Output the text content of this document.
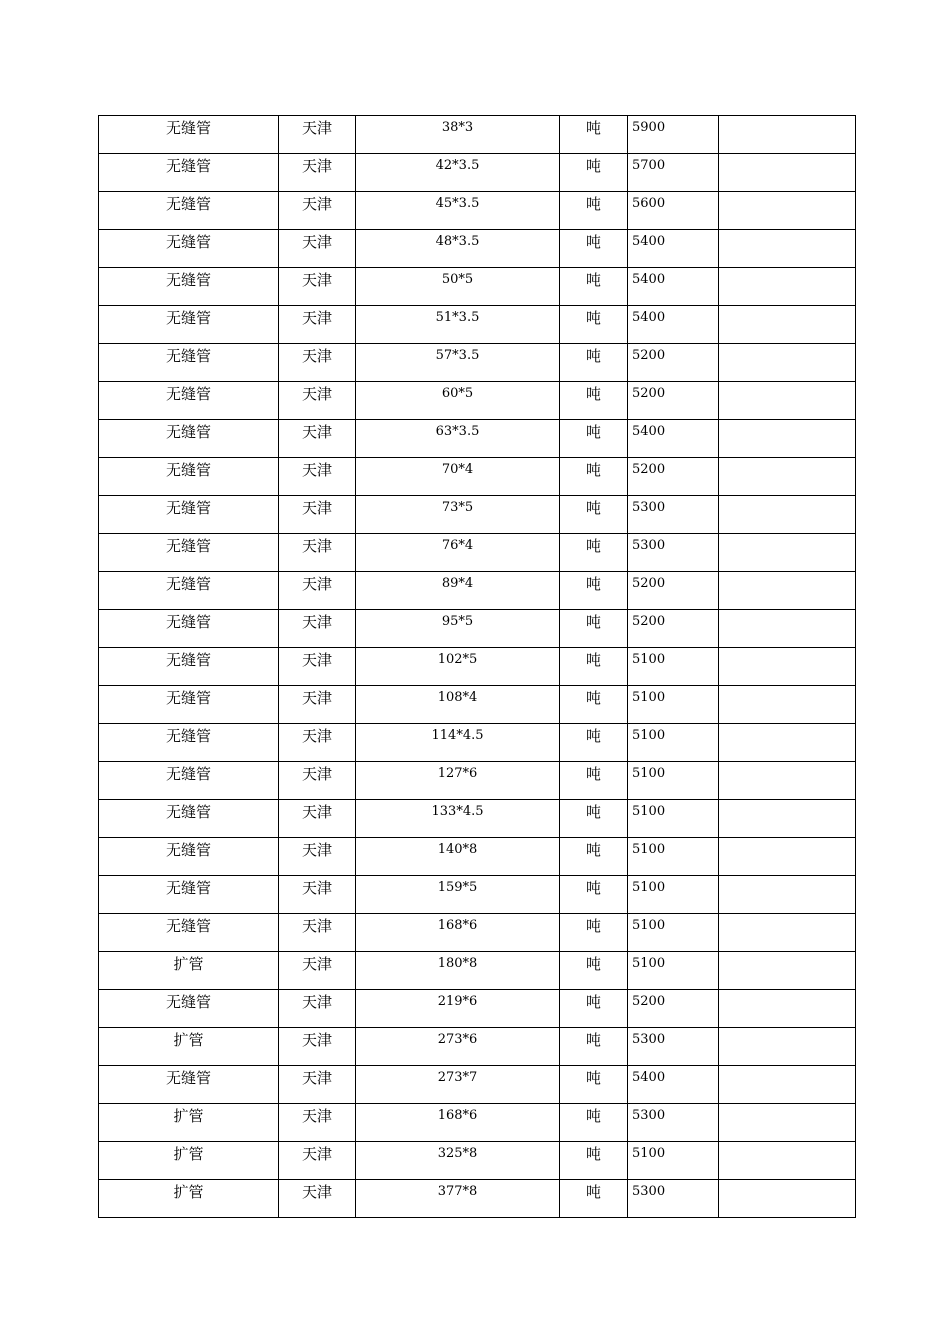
无缝管	天津	38*3	吨	5900	

无缝管	天津	42*3.5	吨	5700	

无缝管	天津	45*3.5	吨	5600	

无缝管	天津	48*3.5	吨	5400	

无缝管	天津	50*5	吨	5400	

无缝管	天津	51*3.5	吨	5400	

无缝管	天津	57*3.5	吨	5200	

无缝管	天津	60*5	吨	5200	

无缝管	天津	63*3.5	吨	5400	

无缝管	天津	70*4	吨	5200	

无缝管	天津	73*5	吨	5300	

无缝管	天津	76*4	吨	5300	

无缝管	天津	89*4	吨	5200	

无缝管	天津	95*5	吨	5200	

无缝管	天津	102*5	吨	5100	

无缝管	天津	108*4	吨	5100	

无缝管	天津	114*4.5	吨	5100	

无缝管	天津	127*6	吨	5100	

无缝管	天津	133*4.5	吨	5100	

无缝管	天津	140*8	吨	5100	

无缝管	天津	159*5	吨	5100	

无缝管	天津	168*6	吨	5100	

扩管	天津	180*8	吨	5100	

无缝管	天津	219*6	吨	5200	

扩管	天津	273*6	吨	5300	

无缝管	天津	273*7	吨	5400	

扩管	天津	168*6	吨	5300	

扩管	天津	325*8	吨	5100	

扩管	天津	377*8	吨	5300	
